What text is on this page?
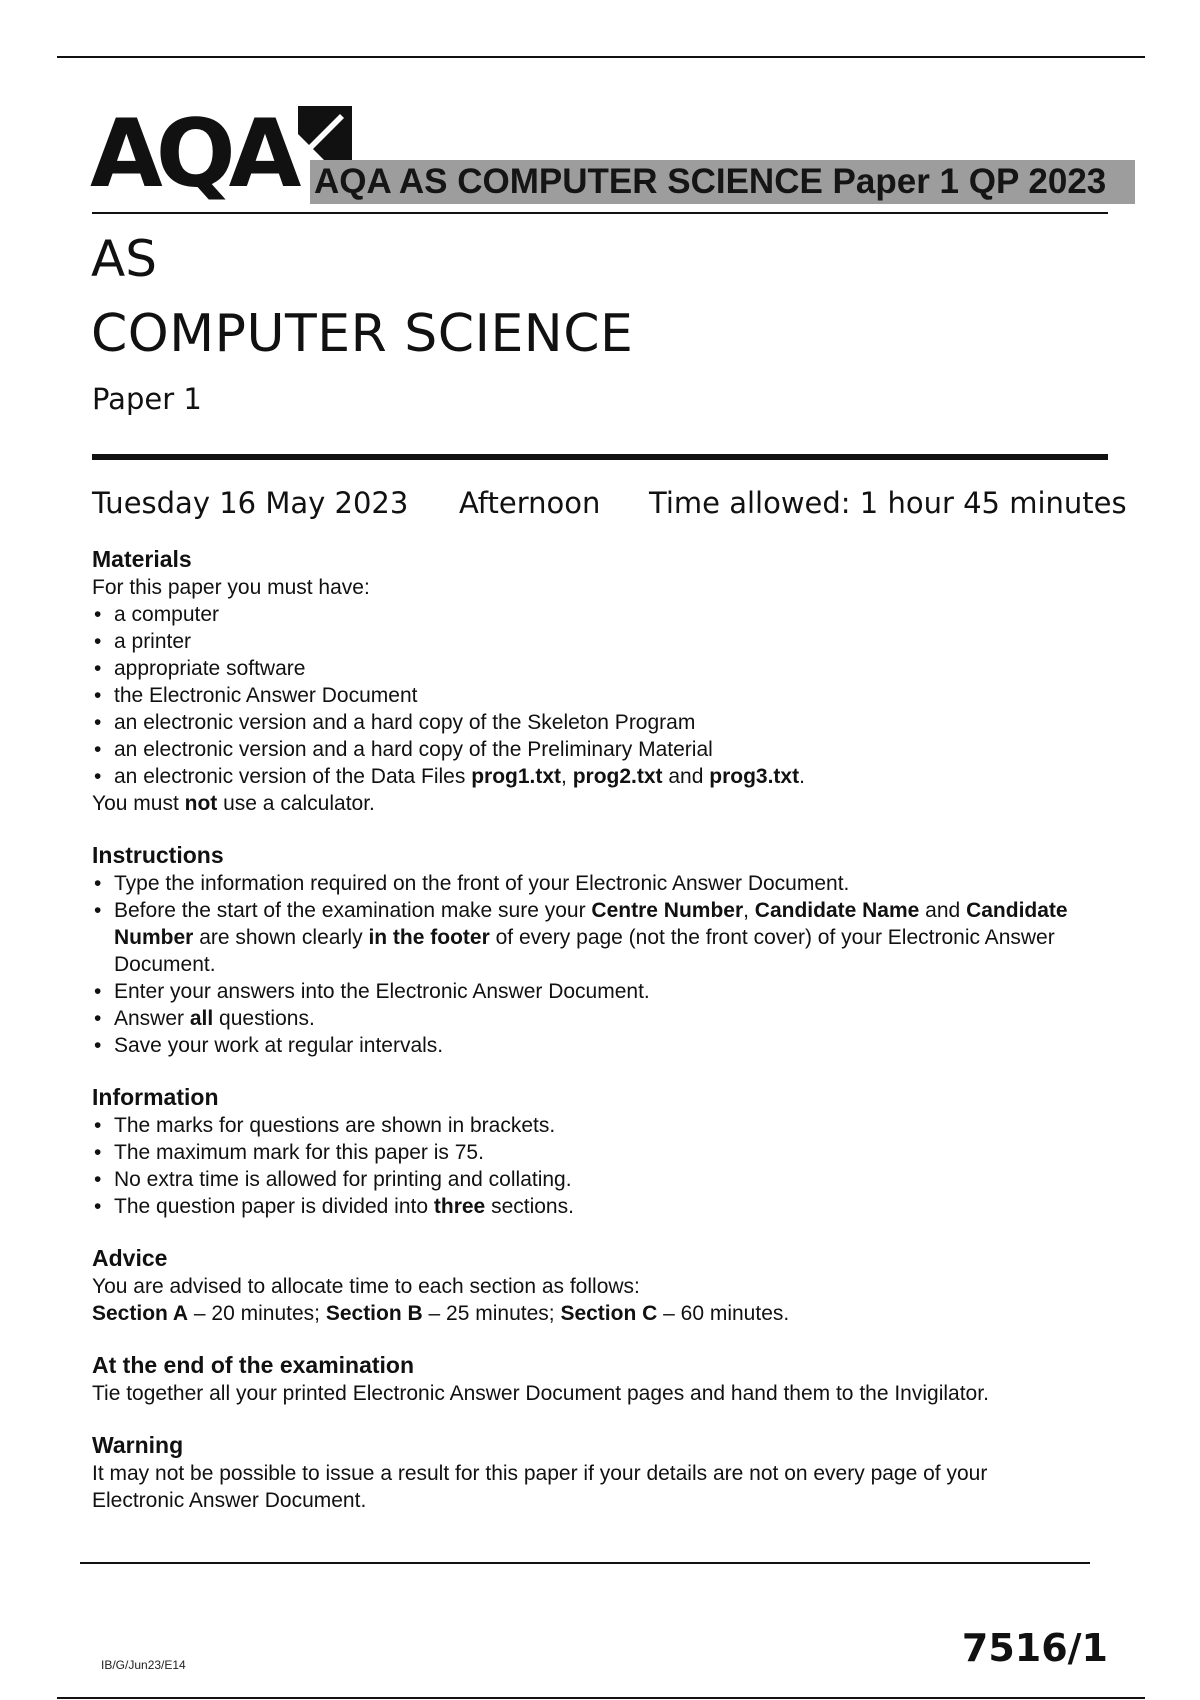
AQA AQA AS COMPUTER SCIENCE Paper 1 QP 2023
AS
COMPUTER SCIENCE
Paper 1
Tuesday 16 May 2023 Afternoon Time allowed: 1 hour 45 minutes
Materials

For this paper you must have:

• a computer
• a printer
• appropriate software
• the Electronic Answer Document
• an electronic version and a hard copy of the Skeleton Program
• an electronic version and a hard copy of the Preliminary Material
• an electronic version of the Data Files prog1.txt, prog2.txt and prog3.txt.

You must not use a calculator.

Instructions
• Type the information required on the front of your Electronic Answer Document.
• Before the start of the examination make sure your Centre Number, Candidate Name and Candidate Number are shown clearly in the footer of every page (not the front cover) of your Electronic Answer Document.
• Enter your answers into the Electronic Answer Document.
• Answer all questions.
• Save your work at regular intervals.
Information
• The marks for questions are shown in brackets.
• The maximum mark for this paper is 75.
• No extra time is allowed for printing and collating.
• The question paper is divided into three sections.
Advice

You are advised to allocate time to each section as follows:

Section A – 20 minutes; Section B – 25 minutes; Section C – 60 minutes.

At the end of the examination

Tie together all your printed Electronic Answer Document pages and hand them to the Invigilator.

Warning

It may not be possible to issue a result for this paper if your details are not on every page of your Electronic Answer Document.

IB/G/Jun23/E14	7516/1
